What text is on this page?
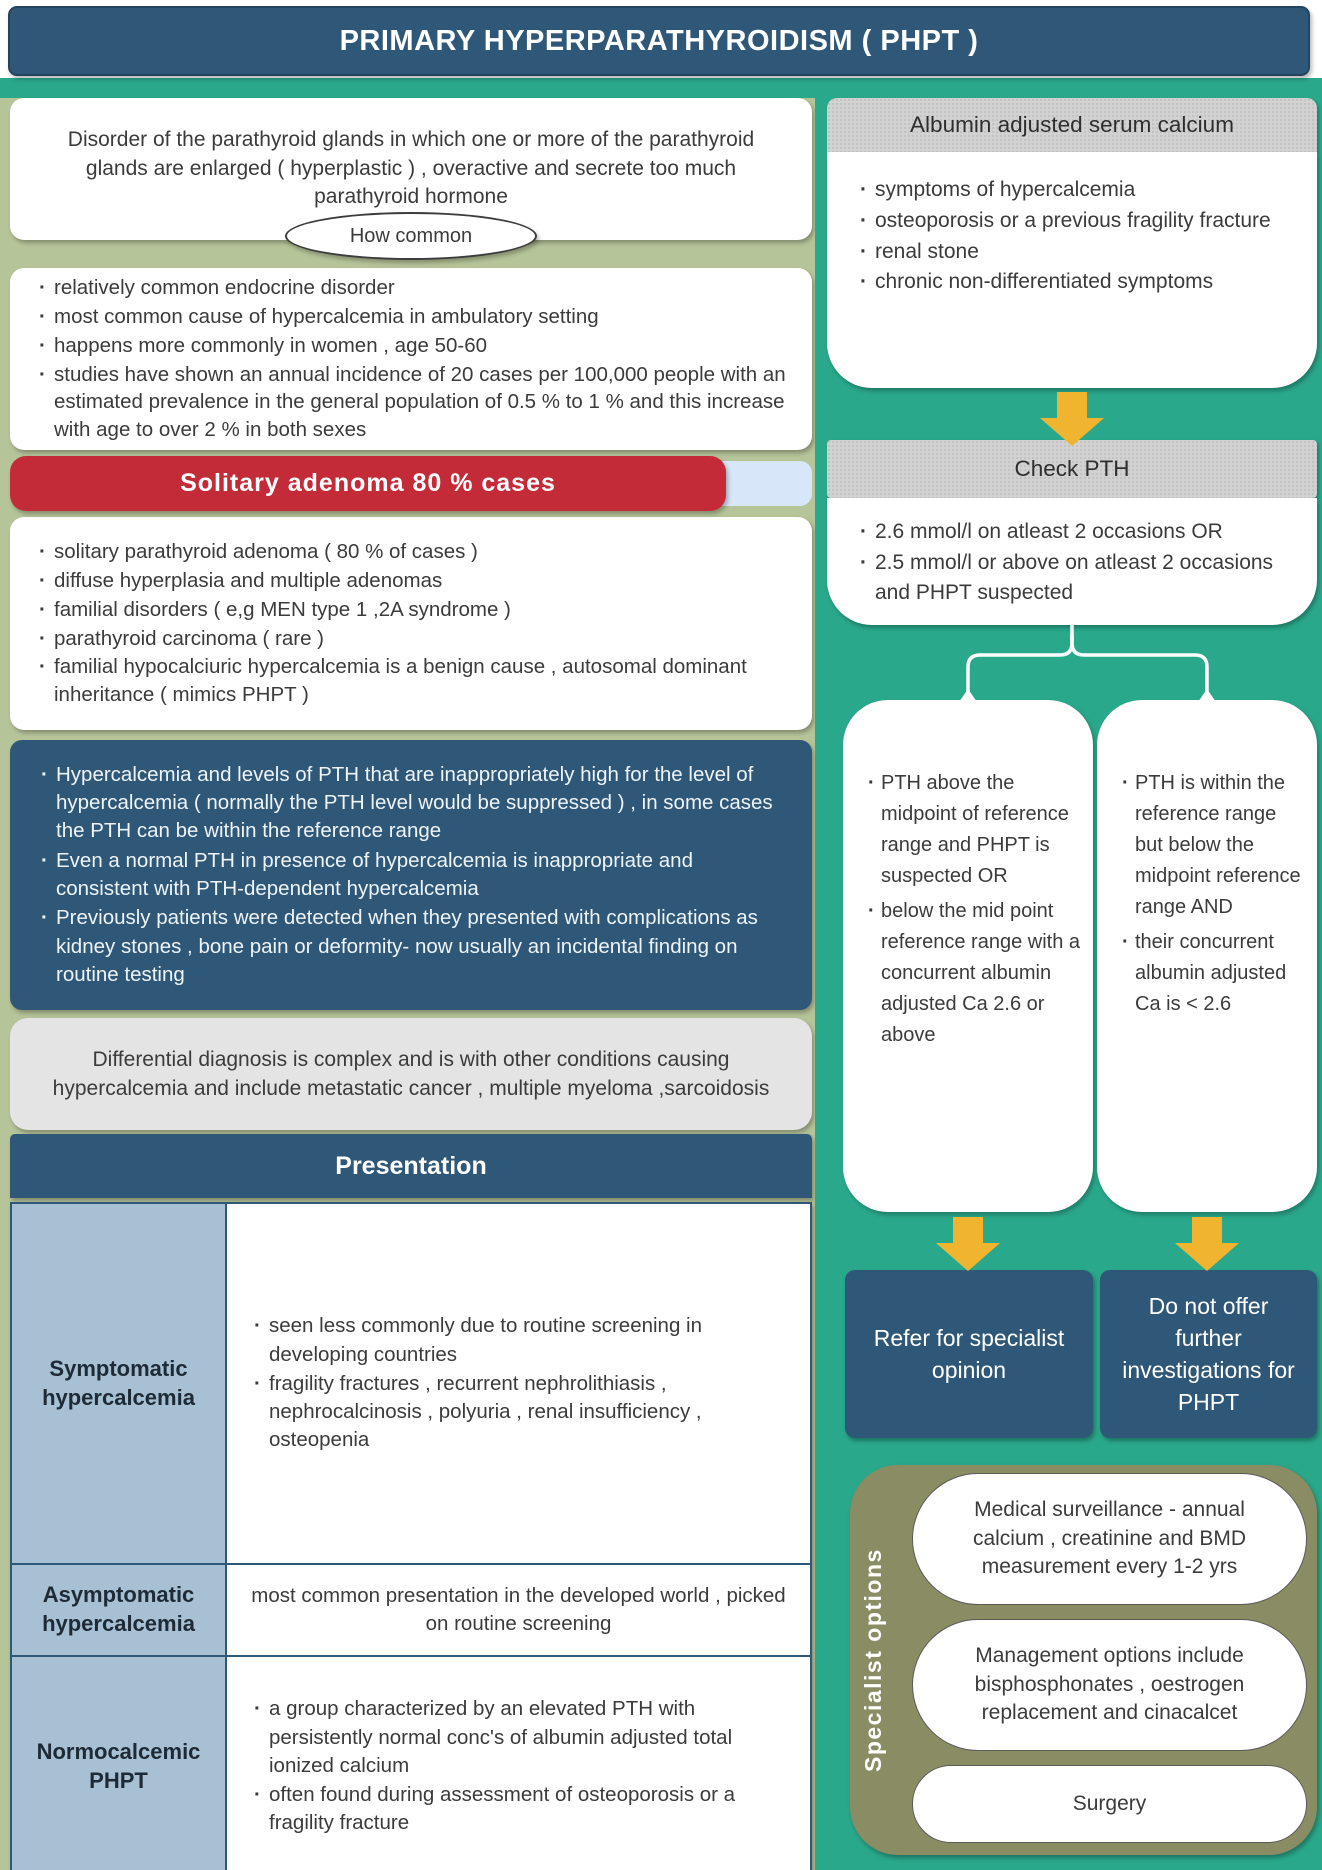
PRIMARY HYPERPARATHYROIDISM ( PHPT )
Disorder of the parathyroid glands in which one or more of the parathyroid glands are enlarged ( hyperplastic ) , overactive and secrete too much parathyroid hormone
How common
· relatively common endocrine disorder
· most common cause of hypercalcemia in ambulatory setting
· happens more commonly in women , age 50-60
· studies have shown an annual incidence of 20 cases per 100,000 people with an estimated prevalence in the general population of 0.5 % to 1 % and this increase with age to over 2 % in both sexes
Solitary adenoma 80 % cases
· solitary parathyroid adenoma ( 80 % of cases )
· diffuse hyperplasia and multiple adenomas
· familial disorders ( e,g MEN type 1 ,2A syndrome )
· parathyroid carcinoma ( rare )
· familial hypocalciuric hypercalcemia is a benign cause , autosomal dominant inheritance ( mimics PHPT )
· Hypercalcemia and levels of PTH that are inappropriately high for the level of hypercalcemia ( normally the PTH level would be suppressed ) , in some cases the PTH can be within the reference range
· Even a normal PTH in presence of hypercalcemia is inappropriate and consistent with PTH-dependent hypercalcemia
· Previously patients were detected when they presented with complications as kidney stones , bone pain or deformity- now usually an incidental finding on routine testing
Differential diagnosis is complex and is with other conditions causing hypercalcemia and include metastatic cancer , multiple myeloma ,sarcoidosis
Presentation
Symptomatic hypercalcemia	
· seen less commonly due to routine screening in developing countries
· fragility fractures , recurrent nephrolithiasis , nephrocalcinosis , polyuria , renal insufficiency , osteopenia

Asymptomatic hypercalcemia	most common presentation in the developed world , picked on routine screening
Normocalcemic PHPT	
· a group characterized by an elevated PTH with persistently normal conc's of albumin adjusted total ionized calcium
· often found during assessment of osteoporosis or a fragility fracture
Albumin adjusted serum calcium
· symptoms of hypercalcemia
· osteoporosis or a previous fragility fracture
· renal stone
· chronic non-differentiated symptoms
Check PTH
· 2.6 mmol/l on atleast 2 occasions OR
· 2.5 mmol/l or above on atleast 2 occasions and PHPT suspected
· PTH above the midpoint of reference range and PHPT is suspected OR
· below the mid point reference range with a concurrent albumin adjusted Ca 2.6 or above
· PTH is within the reference range but below the midpoint reference range AND
· their concurrent albumin adjusted Ca is < 2.6
Refer for specialist opinion
Do not offer further investigations for PHPT
Specialist options
Medical surveillance - annual calcium , creatinine and BMD measurement every 1-2 yrs
Management options include bisphosphonates , oestrogen replacement and cinacalcet
Surgery
